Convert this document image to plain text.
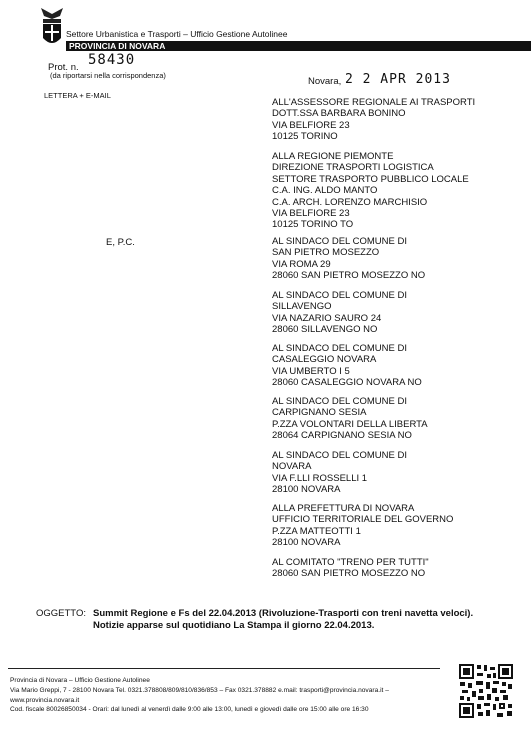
Settore Urbanistica e Trasporti – Ufficio Gestione Autolinee
PROVINCIA DI NOVARA
Prot. n. 58430
(da riportarsi nella corrispondenza)
Novara, 2 2 APR 2013
LETTERA + E-MAIL
E, P.C.
ALL'ASSESSORE REGIONALE AI TRASPORTI
DOTT.SSA BARBARA BONINO
VIA BELFIORE 23
10125 TORINO
ALLA REGIONE PIEMONTE
DIREZIONE TRASPORTI LOGISTICA
SETTORE TRASPORTO PUBBLICO LOCALE
C.A. ING. ALDO MANTO
C.A. ARCH. LORENZO MARCHISIO
VIA BELFIORE 23
10125 TORINO TO
AL SINDACO DEL COMUNE DI
SAN PIETRO MOSEZZO
VIA ROMA 29
28060 SAN PIETRO MOSEZZO NO
AL SINDACO DEL COMUNE DI
SILLAVENGO
VIA NAZARIO SAURO 24
28060 SILLAVENGO NO
AL SINDACO DEL COMUNE DI
CASALEGGIO NOVARA
VIA UMBERTO I 5
28060 CASALEGGIO NOVARA NO
AL SINDACO DEL COMUNE DI
CARPIGNANO SESIA
P.ZZA VOLONTARI DELLA LIBERTA
28064 CARPIGNANO SESIA NO
AL SINDACO DEL COMUNE DI
NOVARA
VIA F.LLI ROSSELLI 1
28100 NOVARA
ALLA PREFETTURA DI NOVARA
UFFICIO TERRITORIALE DEL GOVERNO
P.ZZA MATTEOTTI 1
28100 NOVARA
AL COMITATO "TRENO PER TUTTI"
28060 SAN PIETRO MOSEZZO NO
OGGETTO: Summit Regione e Fs del 22.04.2013 (Rivoluzione-Trasporti con treni navetta veloci).
Notizie apparse sul quotidiano La Stampa il giorno 22.04.2013.
Provincia di Novara – Ufficio Gestione Autolinee
Via Mario Greppi, 7 - 28100 Novara Tel. 0321.378808/809/810/836/853 – Fax 0321.378882 e.mail: trasporti@provincia.novara.it –
www.provincia.novara.it
Cod. fiscale 80026850034 - Orari: dal lunedì al venerdì dalle 9:00 alle 13:00, lunedì e giovedì dalle ore 15:00 alle ore 16:30
